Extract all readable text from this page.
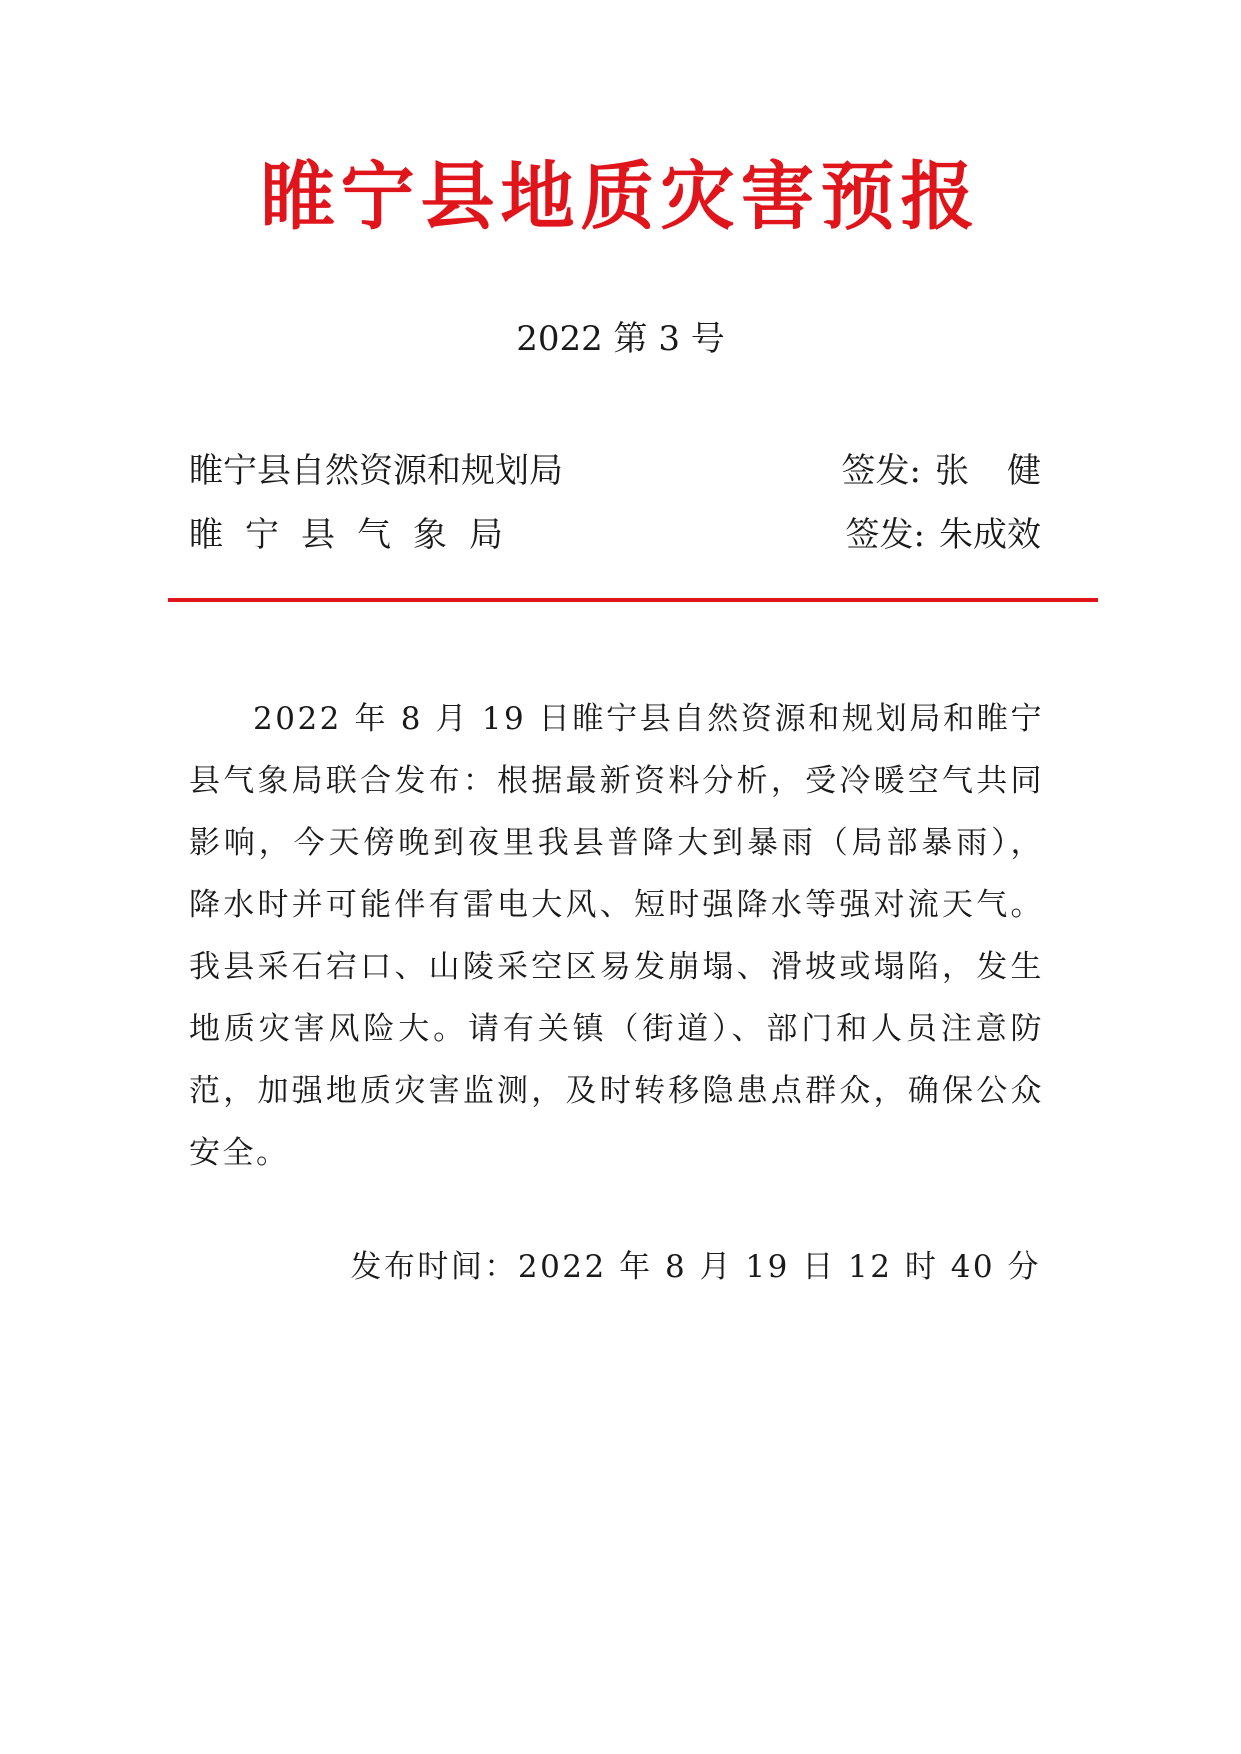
睢宁县地质灾害预报
2022 第 3 号
睢宁县自然资源和规划局	签发: 张健
睢宁县气象局	签发: 朱成效
2022 年 8 月 19 日睢宁县自然资源和规划局和睢宁县气象局联合发布：根据最新资料分析，受冷暖空气共同影响，今天傍晚到夜里我县普降大到暴雨（局部暴雨），降水时并可能伴有雷电大风、短时强降水等强对流天气。我县采石宕口、山陵采空区易发崩塌、滑坡或塌陷，发生地质灾害风险大。请有关镇（街道）、部门和人员注意防范，加强地质灾害监测，及时转移隐患点群众，确保公众安全。
发布时间：2022 年 8 月 19 日 12 时 40 分
